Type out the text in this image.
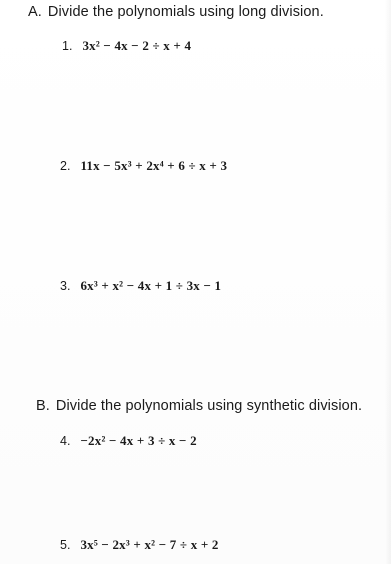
A. Divide the polynomials using long division.
1. 3x² − 4x − 2 ÷ x + 4
2. 11x − 5x³ + 2x⁴ + 6 ÷ x + 3
3. 6x³ + x² − 4x + 1 ÷ 3x − 1
B. Divide the polynomials using synthetic division.
4. −2x² − 4x + 3 ÷ x − 2
5. 3x⁵ − 2x³ + x² − 7 ÷ x + 2
